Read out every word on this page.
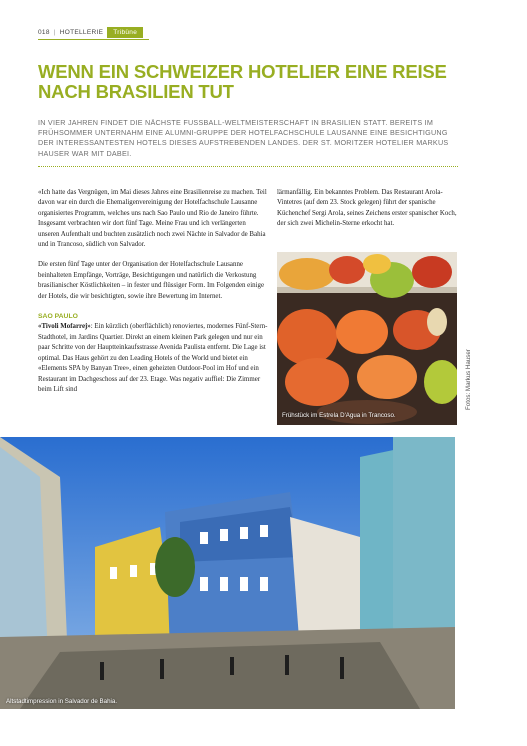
018 | HOTELLERIE	Tribüne
WENN EIN SCHWEIZER HOTELIER EINE REISE NACH BRASILIEN TUT
IN VIER JAHREN FINDET DIE NÄCHSTE FUSSBALL-WELTMEISTERSCHAFT IN BRASILIEN STATT. BEREITS IM FRÜHSOMMER UNTERNAHM EINE ALUMNI-GRUPPE DER HOTELFACHSCHULE LAUSANNE EINE BESICHTIGUNG DER INTERESSANTESTEN HOTELS DIESES AUFSTREBENDEN LANDES. DER ST. MORITZER HOTELIER MARKUS HAUSER WAR MIT DABEI.

«Ich hatte das Vergnügen, im Mai dieses Jahres eine Brasilienreise zu machen. Teil davon war ein durch die Ehemaligenvereinigung der Hotelfachschule Lausanne organisiertes Programm, welches uns nach Sao Paulo und Rio de Janeiro führte. Insgesamt verbrachten wir dort fünf Tage. Meine Frau und ich verlängerten unseren Aufenthalt und buchten zusätzlich noch zwei Nächte in Salvador de Bahia und in Trancoso, südlich von Salvador.

Die ersten fünf Tage unter der Organisation der Hotelfachschule Lausanne beinhalteten Empfänge, Vorträge, Besichtigungen und natürlich die Verkostung brasilianischer Köstlichkeiten – in fester und flüssiger Form. Im Folgenden einige der Hotels, die wir besichtigten, sowie ihre Bewertung im Internet.

SAO PAULO

«Tivoli Mofarrej»: Ein kürzlich (oberflächlich) renoviertes, modernes Fünf-Stern-Stadthotel, im Jardins Quartier. Direkt an einem kleinen Park gelegen und nur ein paar Schritte von der Hauptteinkaufsstrasse Avenida Paulista entfernt. Die Lage ist optimal. Das Haus gehört zu den Leading Hotels of the World und bietet ein «Elements SPA by Banyan Tree», einen geheizten Outdoor-Pool im Hof und ein Restaurant im Dachgeschoss auf der 23. Etage. Was negativ auffiel: Die Zimmer beim Lift sind

lärmanfällig. Ein bekanntes Problem. Das Restaurant Arola-Vintetres (auf dem 23. Stock gelegen) führt der spanische Küchenchef Sergi Arola, seines Zeichens erster spanischer Koch, der sich zwei Michelin-Sterne erkocht hat.

Frühstück im Estrela D'Agua in Trancoso.
Fotos: Markus Hauser
Altstadtimpression in Salvador de Bahia.
